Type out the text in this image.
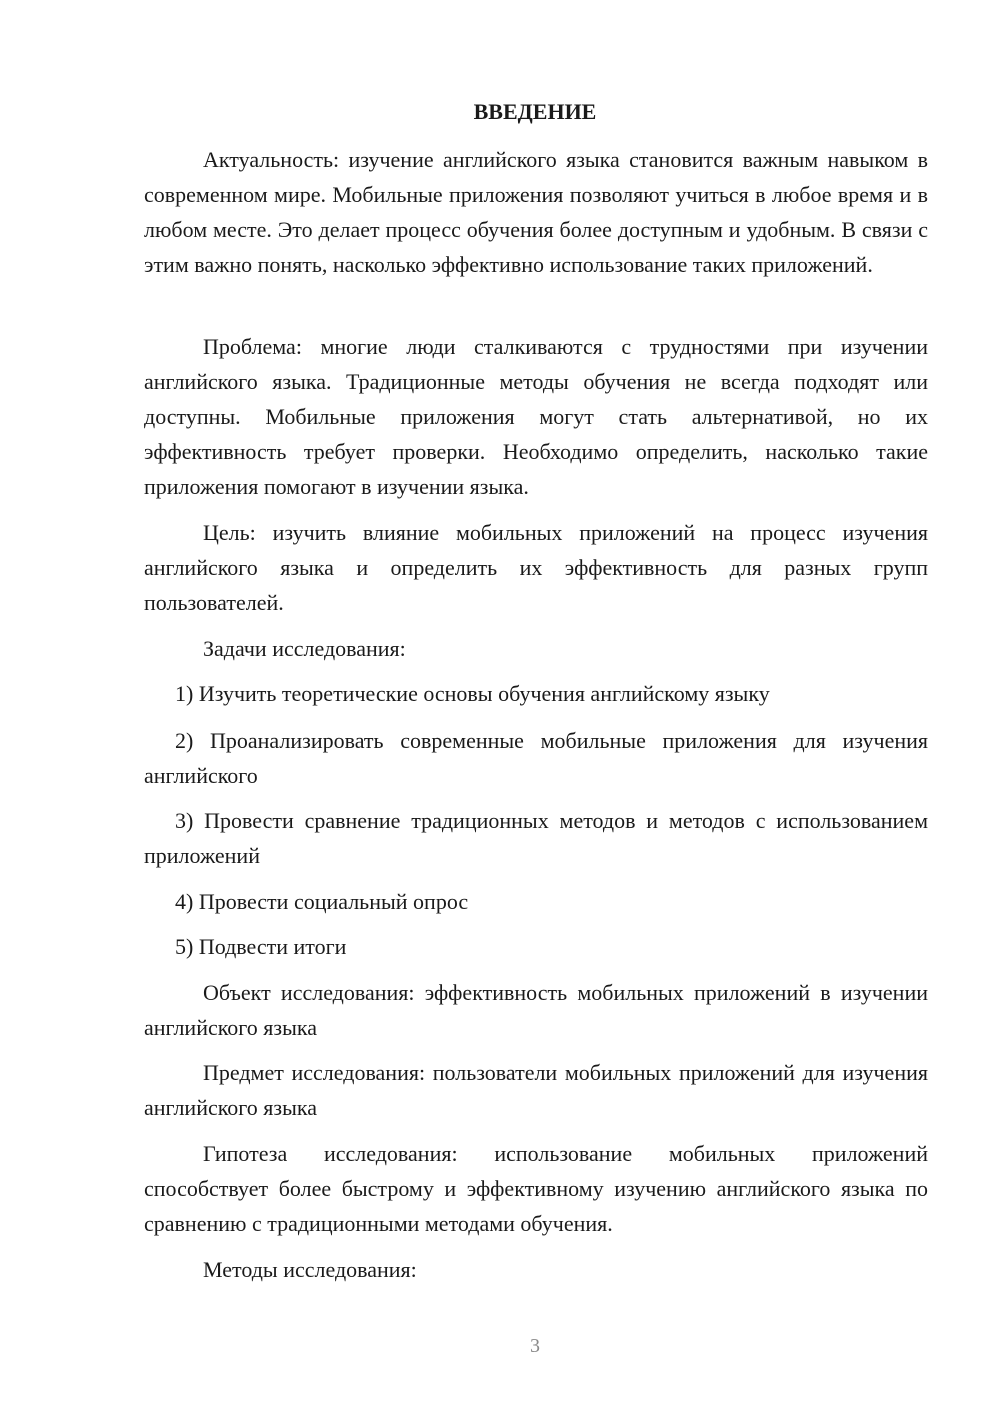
ВВЕДЕНИЕ

Актуальность: изучение английского языка становится важным навыком в современном мире. Мобильные приложения позволяют учиться в любое время и в любом месте. Это делает процесс обучения более доступным и удобным. В связи с этим важно понять, насколько эффективно использование таких приложений.

Проблема: многие люди сталкиваются с трудностями при изучении английского языка. Традиционные методы обучения не всегда подходят или доступны. Мобильные приложения могут стать альтернативой, но их эффективность требует проверки. Необходимо определить, насколько такие приложения помогают в изучении языка.

Цель: изучить влияние мобильных приложений на процесс изучения английского языка и определить их эффективность для разных групп пользователей.

Задачи исследования:

1) Изучить теоретические основы обучения английскому языку

2) Проанализировать современные мобильные приложения для изучения английского

3) Провести сравнение традиционных методов и методов с использованием приложений

4) Провести социальный опрос

5) Подвести итоги

Объект исследования: эффективность мобильных приложений в изучении английского языка

Предмет исследования: пользователи мобильных приложений для изучения английского языка

Гипотеза исследования: использование мобильных приложений способствует более быстрому и эффективному изучению английского языка по сравнению с традиционными методами обучения.

Методы исследования:

3
